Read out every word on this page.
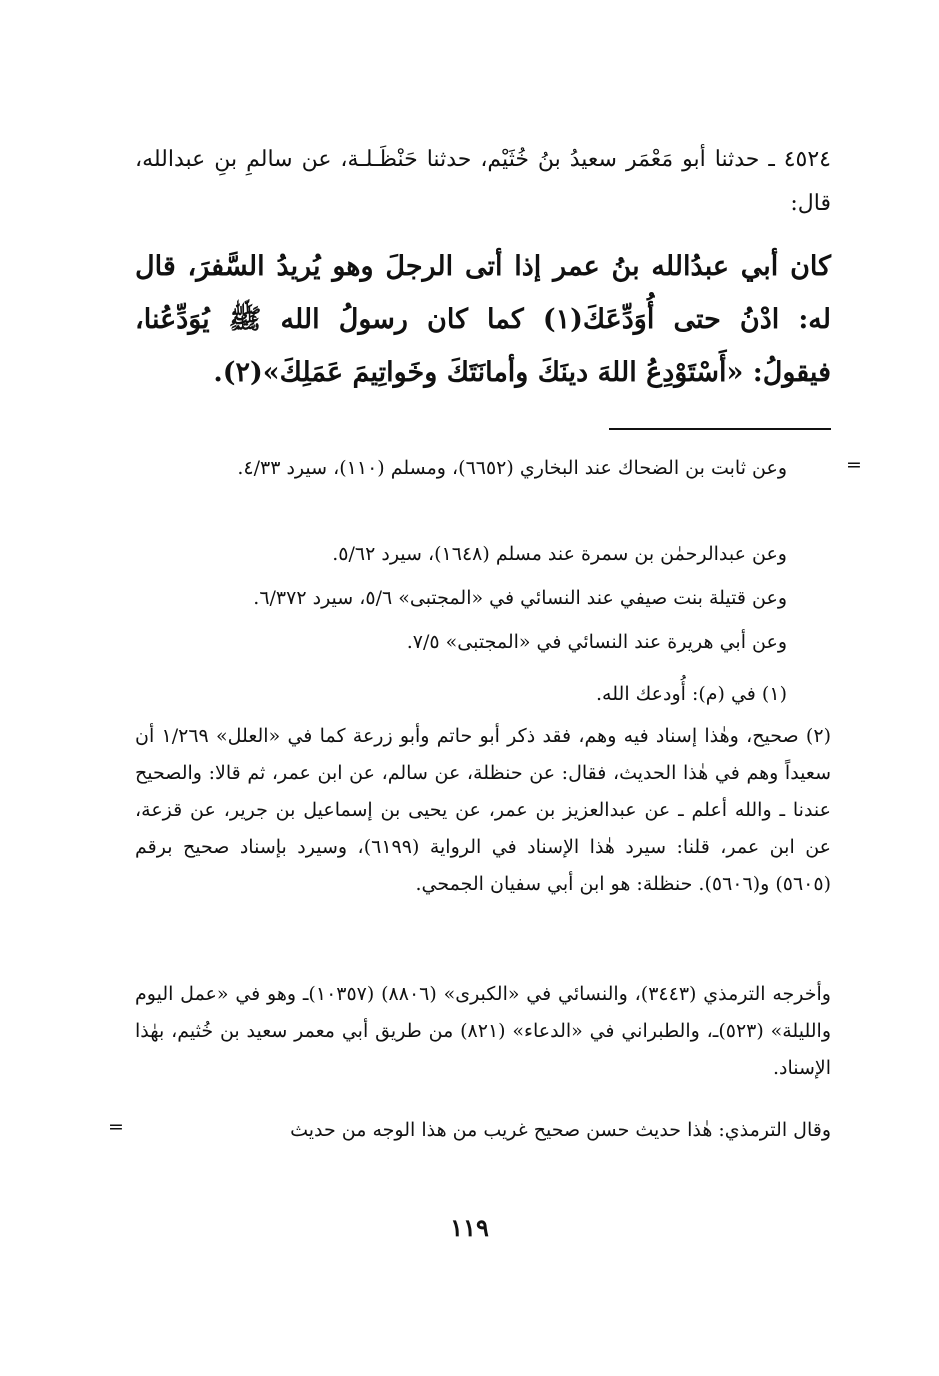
٤٥٢٤ ـ حدثنا أبو مَعْمَر سعيدُ بنُ خُثَيْم، حدثنا حَنْظَـلـة، عن سالمِ بنِ عبدالله، قال:
كان أبي عبدُالله بنُ عمر إذا أتى الرجلَ وهو يُريدُ السَّفرَ، قال له: ادْنُ حتى أُوَدِّعَكَ(١) كما كان رسولُ الله ﷺ يُوَدِّعُنا، فيقولُ: «أَسْتَوْدِعُ اللهَ دينَكَ وأمانَتَكَ وخَواتِيمَ عَمَلِكَ»(٢).
=
وعن ثابت بن الضحاك عند البخاري (٦٦٥٢)، ومسلم (١١٠)، سيرد ٤/٣٣.
وعن عبدالرحمٰن بن سمرة عند مسلم (١٦٤٨)، سيرد ٥/٦٢.
وعن قتيلة بنت صيفي عند النسائي في «المجتبى» ٥/٦، سيرد ٦/٣٧٢.
وعن أبي هريرة عند النسائي في «المجتبى» ٧/٥.
(١) في (م): أُودعك الله.
(٢) صحيح، وهٰذا إسناد فيه وهم، فقد ذكر أبو حاتم وأبو زرعة كما في «العلل» ١/٢٦٩ أن سعيداً وهم في هٰذا الحديث، فقال: عن حنظلة، عن سالم، عن ابن عمر، ثم قالا: والصحيح عندنا ـ والله أعلم ـ عن عبدالعزيز بن عمر، عن يحيى بن إسماعيل بن جرير، عن قزعة، عن ابن عمر، قلنا: سيرد هٰذا الإسناد في الرواية (٦١٩٩)، وسيرد بإسناد صحيح برقم (٥٦٠٥) و(٥٦٠٦). حنظلة: هو ابن أبي سفيان الجمحي.
وأخرجه الترمذي (٣٤٤٣)، والنسائي في «الكبرى» (٨٨٠٦) (١٠٣٥٧)ـ وهو في «عمل اليوم والليلة» (٥٢٣)ـ، والطبراني في «الدعاء» (٨٢١) من طريق أبي معمر سعيد بن خُثيم، بهٰذا الإسناد.
وقال الترمذي: هٰذا حديث حسن صحيح غريب من هذا الوجه من حديث
=
١١٩
